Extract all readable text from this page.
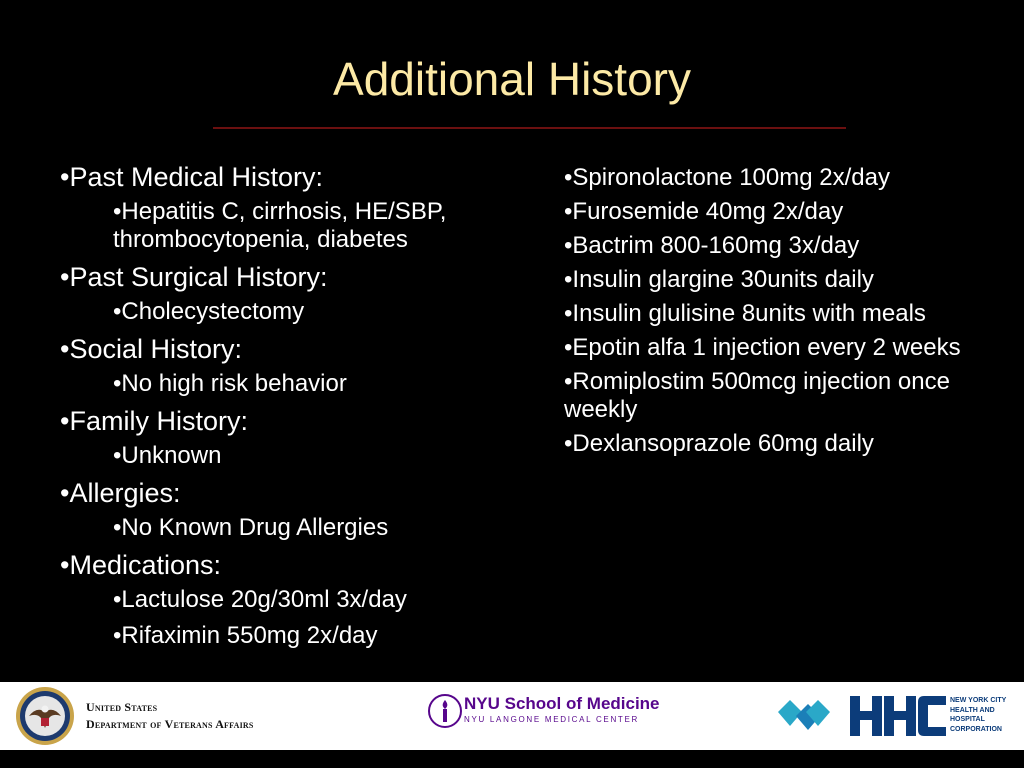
Additional History
• Past Medical History:
• Hepatitis C, cirrhosis, HE/SBP, thrombocytopenia, diabetes
• Past Surgical History:
• Cholecystectomy
• Social History:
• No high risk behavior
• Family History:
• Unknown
• Allergies:
• No Known Drug Allergies
• Medications:
• Lactulose 20g/30ml 3x/day
• Rifaximin 550mg 2x/day
• Spironolactone 100mg 2x/day
• Furosemide 40mg 2x/day
• Bactrim 800-160mg 3x/day
• Insulin glargine 30units daily
• Insulin glulisine 8units with meals
• Epotin alfa 1 injection every 2 weeks
• Romiplostim 500mcg injection once weekly
• Dexlansoprazole 60mg daily
United States
Department of Veterans Affairs
NYU School of Medicine
NYU LANGONE MEDICAL CENTER
NEW YORK CITY
HEALTH AND
HOSPITAL
CORPORATION
